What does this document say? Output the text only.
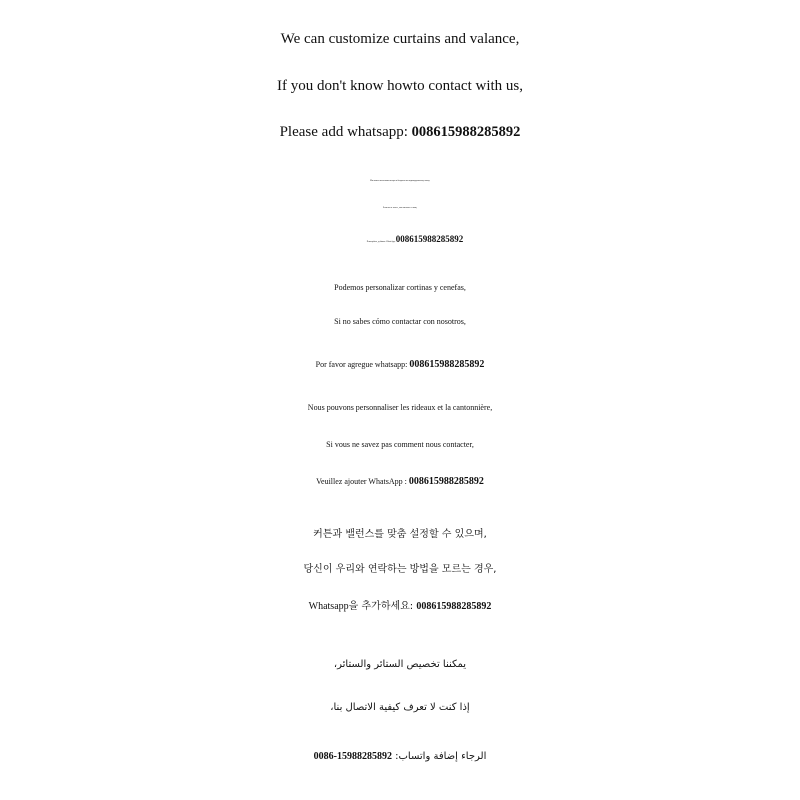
We can customize curtains and valance,

If you don't know howto contact with us,

Please add whatsapp: 008615988285892

Мы можем изготовить шторы и балдахин по индивидуальному заказу.

Если вы не знаете, как связаться с нами,

Пожалуйста, добавьте WhatsApp: 008615988285892

Podemos personalizar cortinas y cenefas,

Si no sabes cómo contactar con nosotros,

Por favor agregue whatsapp: 008615988285892

Nous pouvons personnaliser les rideaux et la cantonnière,

Si vous ne savez pas comment nous contacter,

Veuillez ajouter WhatsApp : 008615988285892

커튼과 밸런스를 맞춤 설정할 수 있으며,

당신이 우리와 연락하는 방법을 모르는 경우,

Whatsapp을 추가하세요: 008615988285892

يمكننا تخصيص الستائر والستائر،

إذا كنت لا تعرف كيفية الاتصال بنا،

الرجاء إضافة واتساب: 0086-15988285892
